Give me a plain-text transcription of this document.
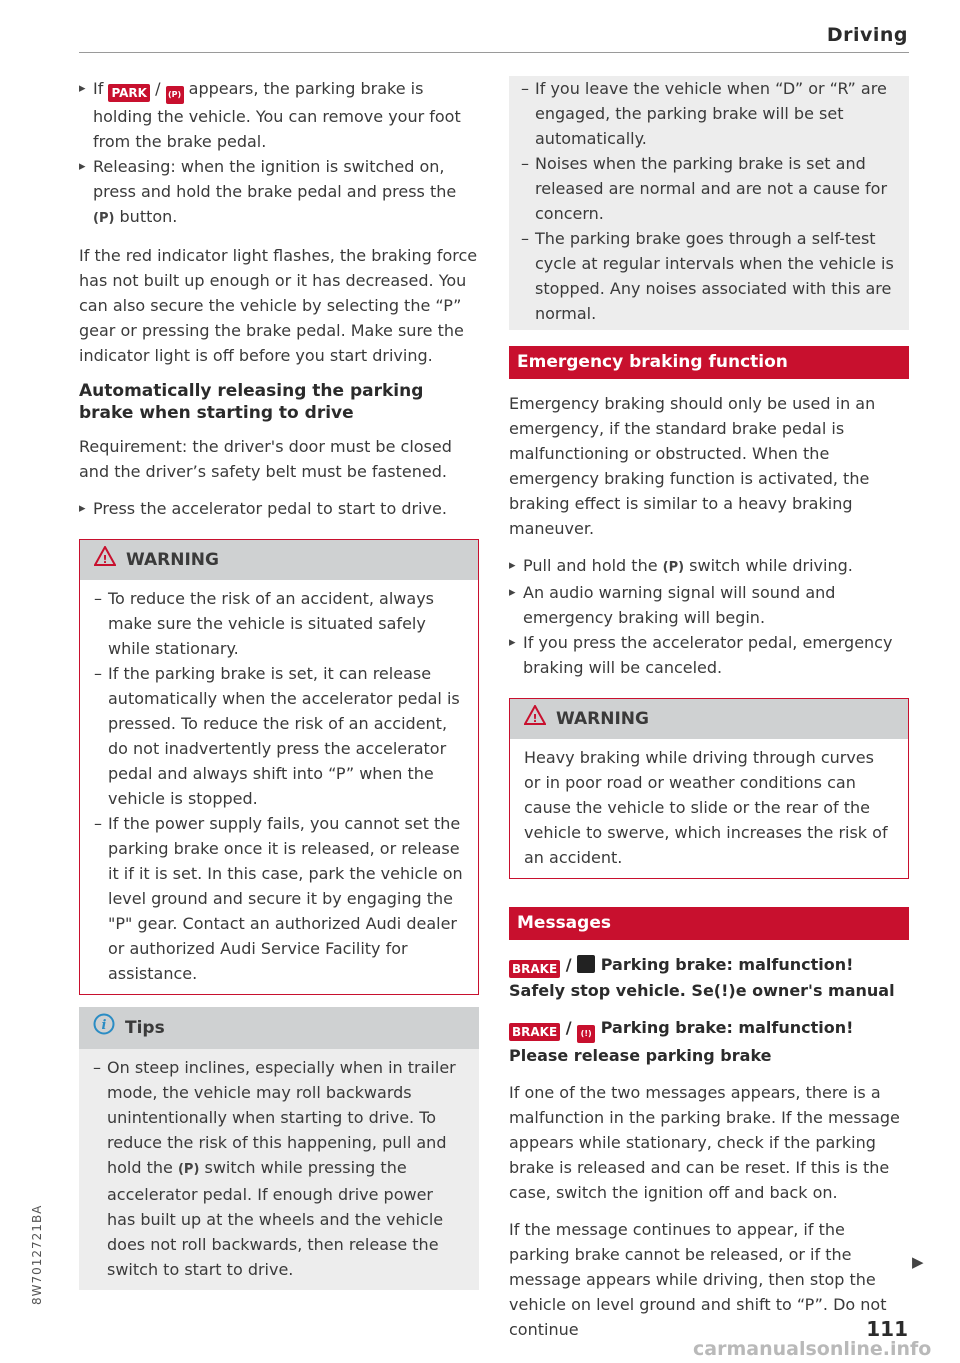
Driving

▸ If PARK / (P) appears, the parking brake is holding the vehicle. You can remove your foot from the brake pedal.

▸ Releasing: when the ignition is switched on, press and hold the brake pedal and press the (P) button.

If the red indicator light flashes, the braking force has not built up enough or it has decreased. You can also secure the vehicle by selecting the “P” gear or pressing the brake pedal. Make sure the indicator light is off before you start driving.

Automatically releasing the parking brake when starting to drive

Requirement: the driver's door must be closed and the driver’s safety belt must be fastened.

▸ Press the accelerator pedal to start to drive.

! WARNING

– To reduce the risk of an accident, always make sure the vehicle is situated safely while stationary.

– If the parking brake is set, it can release automatically when the accelerator pedal is pressed. To reduce the risk of an accident, do not inadvertently press the accelerator pedal and always shift into “P” when the vehicle is stopped.

– If the power supply fails, you cannot set the parking brake once it is released, or release it if it is set. In this case, park the vehicle on level ground and secure it by engaging the "P" gear. Contact an authorized Audi dealer or authorized Audi Service Facility for assistance.

i Tips

– On steep inclines, especially when in trailer mode, the vehicle may roll backwards unintentionally when starting to drive. To reduce the risk of this happening, pull and hold the (P) switch while pressing the accelerator pedal. If enough drive power has built up at the wheels and the vehicle does not roll backwards, then release the switch to start to drive.

– If you leave the vehicle when “D” or “R” are engaged, the parking brake will be set automatically.

– Noises when the parking brake is set and released are normal and are not a cause for concern.

– The parking brake goes through a self-test cycle at regular intervals when the vehicle is stopped. Any noises associated with this are normal.

Emergency braking function

Emergency braking should only be used in an emergency, if the standard brake pedal is malfunctioning or obstructed. When the emergency braking function is activated, the braking effect is similar to a heavy braking maneuver.

▸ Pull and hold the (P) switch while driving.

▸ An audio warning signal will sound and emergency braking will begin.

▸ If you press the accelerator pedal, emergency braking will be canceled.

! WARNING

Heavy braking while driving through curves or in poor road or weather conditions can cause the vehicle to slide or the rear of the vehicle to swerve, which increases the risk of an accident.

Messages

BRAKE /  Parking brake: malfunction! Safely stop vehicle. Se(!)e owner's manual

BRAKE / (!) Parking brake: malfunction! Please release parking brake

If one of the two messages appears, there is a malfunction in the parking brake. If the message appears while stationary, check if the parking brake is released and can be reset. If this is the case, switch the ignition off and back on.

If the message continues to appear, if the parking brake cannot be released, or if the message appears while driving, then stop the vehicle on level ground and shift to “P”. Do not continue

▶
8W7012721BA
111
carmanualsonline.info
